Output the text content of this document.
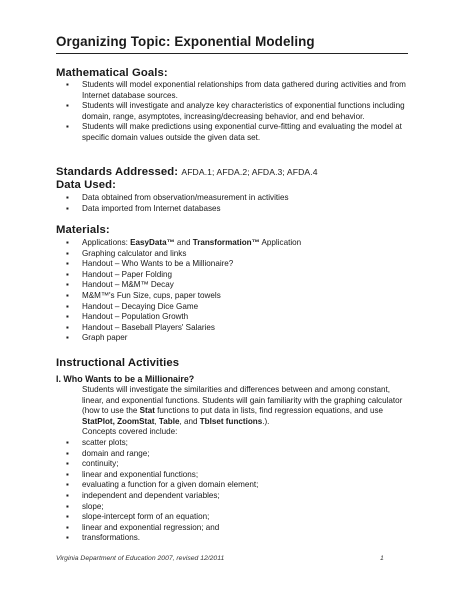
Organizing Topic: Exponential Modeling
Mathematical Goals:
▪ Students will model exponential relationships from data gathered during activities and from Internet database sources.
▪ Students will investigate and analyze key characteristics of exponential functions including domain, range, asymptotes, increasing/decreasing behavior, and end behavior.
▪ Students will make predictions using exponential curve-fitting and evaluating the model at specific domain values outside the given data set.
Standards Addressed: AFDA.1; AFDA.2; AFDA.3; AFDA.4
Data Used:
▪ Data obtained from observation/measurement in activities
▪ Data imported from Internet databases
Materials:
▪ Applications: EasyData™ and Transformation™ Application
▪ Graphing calculator and links
▪ Handout – Who Wants to be a Millionaire?
▪ Handout – Paper Folding
▪ Handout – M&M™ Decay
▪ M&M™'s Fun Size, cups, paper towels
▪ Handout – Decaying Dice Game
▪ Handout – Population Growth
▪ Handout – Baseball Players' Salaries
▪ Graph paper
Instructional Activities
I. Who Wants to be a Millionaire?
Students will investigate the similarities and differences between and among constant, linear, and exponential functions. Students will gain familiarity with the graphing calculator (how to use the Stat functions to put data in lists, find regression equations, and use StatPlot, ZoomStat, Table, and Tblset functions.).
Concepts covered include:
▪ scatter plots;
▪ domain and range;
▪ continuity;
▪ linear and exponential functions;
▪ evaluating a function for a given domain element;
▪ independent and dependent variables;
▪ slope;
▪ slope-intercept form of an equation;
▪ linear and exponential regression; and
▪ transformations.
Virginia Department of Education 2007, revised 12/2011	1
